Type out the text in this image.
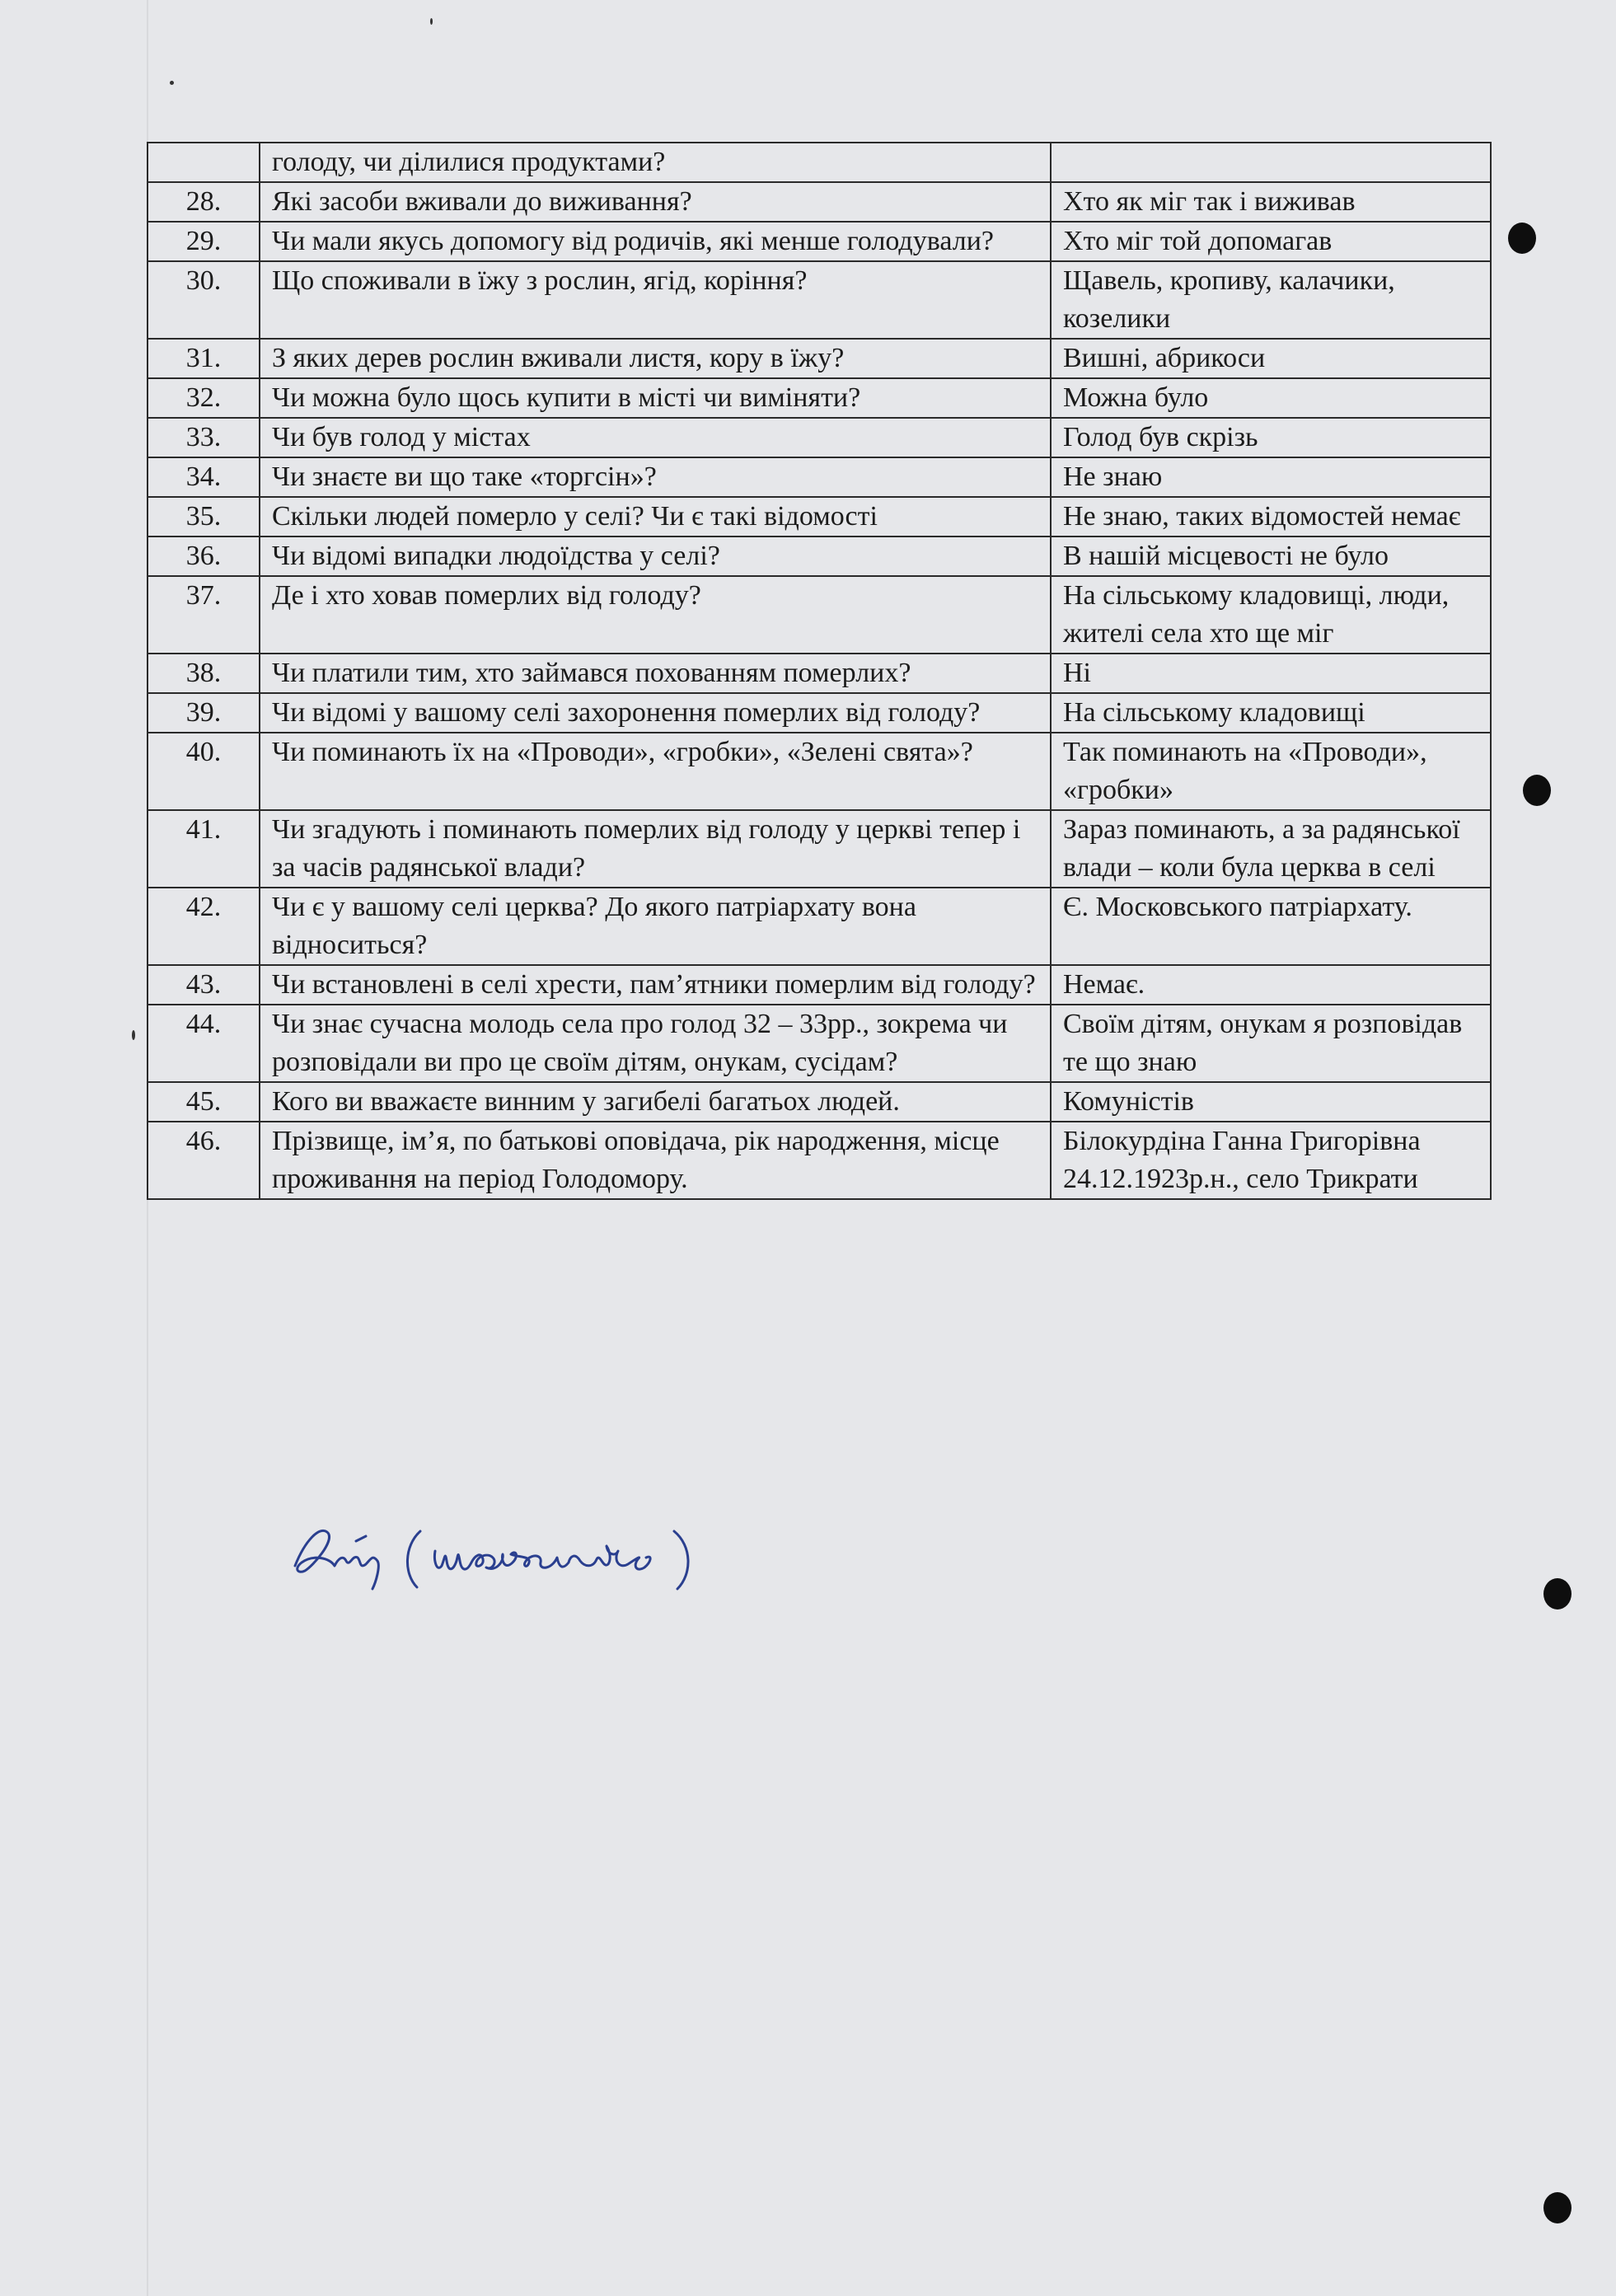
	голоду, чи ділилися продуктами?	
28.	Які засоби вживали до виживання?	Хто як міг так і виживав
29.	Чи мали якусь допомогу від родичів, які менше голодували?	Хто міг той допомагав
30.	Що споживали в їжу з рослин, ягід, коріння?	Щавель, кропиву, калачики, козелики
31.	З яких дерев рослин вживали листя, кору в їжу?	Вишні, абрикоси
32.	Чи можна було щось купити в місті чи виміняти?	Можна було
33.	Чи був голод у містах	Голод був скрізь
34.	Чи знаєте ви що таке «торгсін»?	Не знаю
35.	Скільки людей померло у селі? Чи є такі відомості	Не знаю, таких відомостей немає
36.	Чи відомі випадки людоїдства у селі?	В нашій місцевості не було
37.	Де і хто ховав померлих від голоду?	На сільському кладовищі, люди, жителі села хто ще міг
38.	Чи платили тим, хто займався похованням померлих?	Ні
39.	Чи відомі у вашому селі захоронення померлих від голоду?	На сільському кладовищі
40.	Чи поминають їх на «Проводи», «гробки», «Зелені свята»?	Так поминають на «Проводи», «гробки»
41.	Чи згадують і поминають померлих від голоду у церкві тепер і за часів радянської влади?	Зараз поминають, а за радянської влади – коли була церква в селі
42.	Чи є у вашому селі церква? До якого патріархату вона відноситься?	Є. Московського патріархату.
43.	Чи встановлені в селі хрести, пам’ятники померлим від голоду?	Немає.
44.	Чи знає сучасна молодь села про голод 32 – 33рр., зокрема чи розповідали ви про це своїм дітям, онукам, сусідам?	Своїм дітям, онукам я розповідав те що знаю
45.	Кого ви вважаєте винним у загибелі багатьох людей.	Комуністів
46.	Прізвище, ім’я, по батькові оповідача, рік народження, місце проживання на період Голодомору.	Білокурдіна Ганна Григорівна 24.12.1923р.н., село Трикрати
